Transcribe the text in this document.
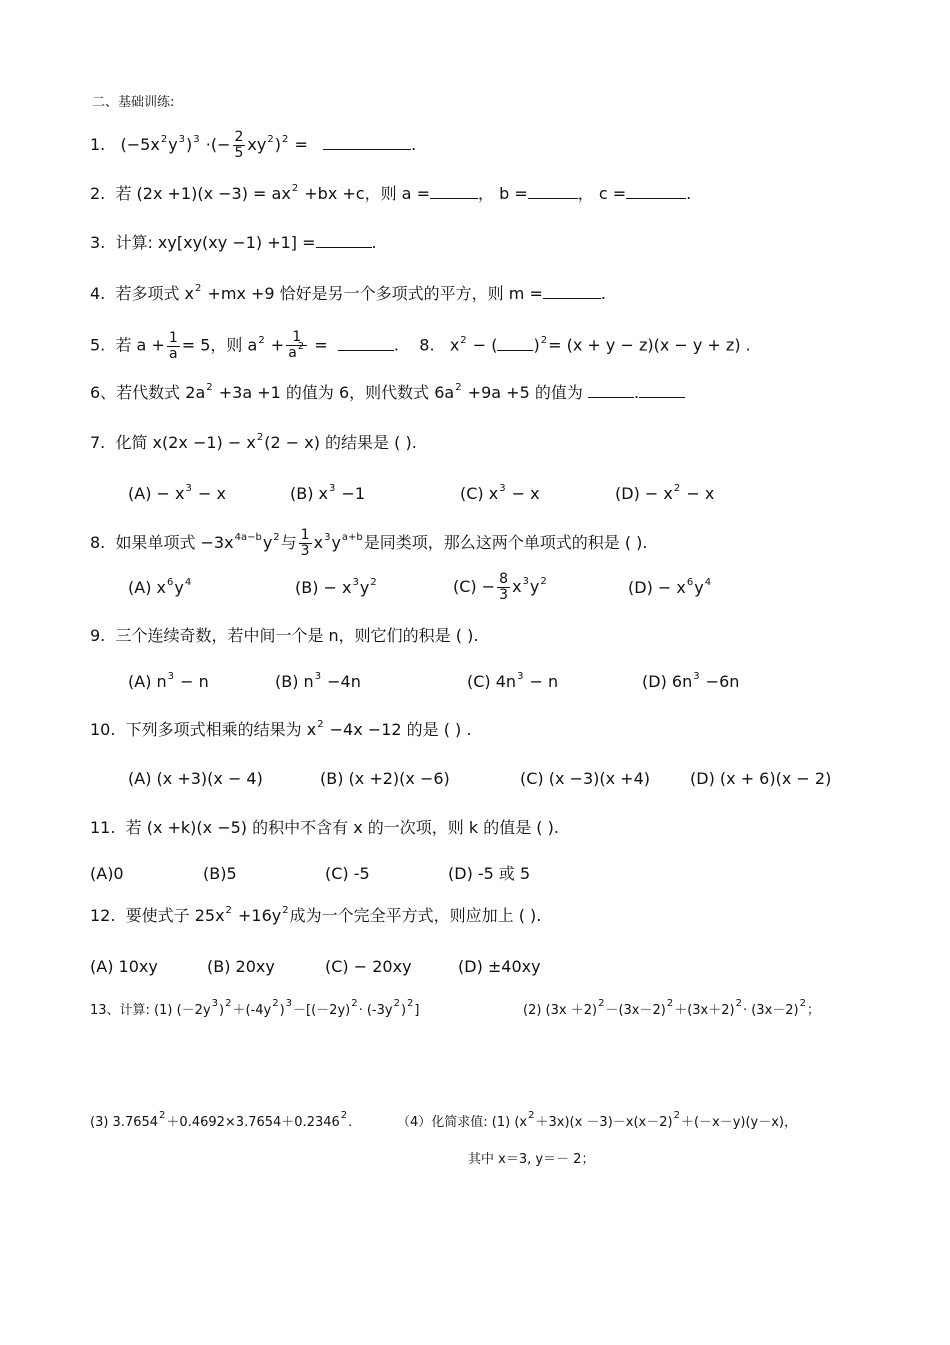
二、基础训练:
1. $(-5x^2y^3)^3$ ·(− $\frac{2}{5} xy^2)^2$ =	.
2. 若 $(2x +1)(x -3) = ax^2 +bx +c$，则 a =	， b =	， c =	.
3. 计算: xy[xy(xy −1) +1] =	.
4. 若多项式 $x^2 +mx +9$ 恰好是另一个多项式的平方，则 m =	.
5. 若 $a + \frac{1}{a} = 5$，则 $a^2 + \frac{1}{a^2}$ =	. 8. $x^2$ − ( )$^2$= (x + y − z)(x − y + z) .
6、若代数式 $2a^2 +3a +1$ 的值为 6，则代数式 $6a^2 +9a +5$ 的值为	.
7. 化简 $x(2x -1) - x^2(2 - x)$ 的结果是 ( ).
$(A) - x^3 - x$	(B) $x^3 -1$	(C) $x^3 - x$	$(D) - x^2 - x$
8. 如果单项式 $-3x^{4a-b}y^2$与 $\frac{1}{3} x^3y^{a+b}$是同类项，那么这两个单项式的积是 ( ).
(A) $x^6y^4$	$(B) - x^3y^2$	$(C) - \frac{8}{3} x^3y^2$	$(D) - x^6y^4$
9. 三个连续奇数，若中间一个是 n，则它们的积是 ( ).
(A) $n^3 - n$	(B) $n^3 -4n$	(C) $4n^3 - n$	(D) $6n^3 -6n$
10. 下列多项式相乘的结果为 $x^2 -4x -12$ 的是 ( ) .
(A) (x +3)(x − 4)	(B) (x +2)(x −6)	(C) (x −3)(x +4)	(D) (x + 6)(x − 2)
11. 若 (x +k)(x −5) 的积中不含有 x 的一次项，则 k 的值是 ( ).
(A)0	(B)5	(C) -5	(D) -5 或 5
12. 要使式子 $25x^2 +16y^2$成为一个完全平方式，则应加上 ( ).
(A) 10xy	(B) 20xy	(C) − 20xy	(D) ±40xy
13、计算: (1) $(-2y^3)^2+(-4y^2)^3-[(-2y)^2\cdot (-3y^2)^2]$	(2) $(3x +2)^2-(3x-2)^2+(3x+2)^2\cdot (3x-2)^2$；
(3) $3.7654^2+0.4692\times 3.7654+0.2346^2$.	（4）化简求值: (1) $(x^2+3x)(x -3)-x(x-2)^2+(-x-y)(y-x)$，
其中 x＝3, y＝－ 2；
